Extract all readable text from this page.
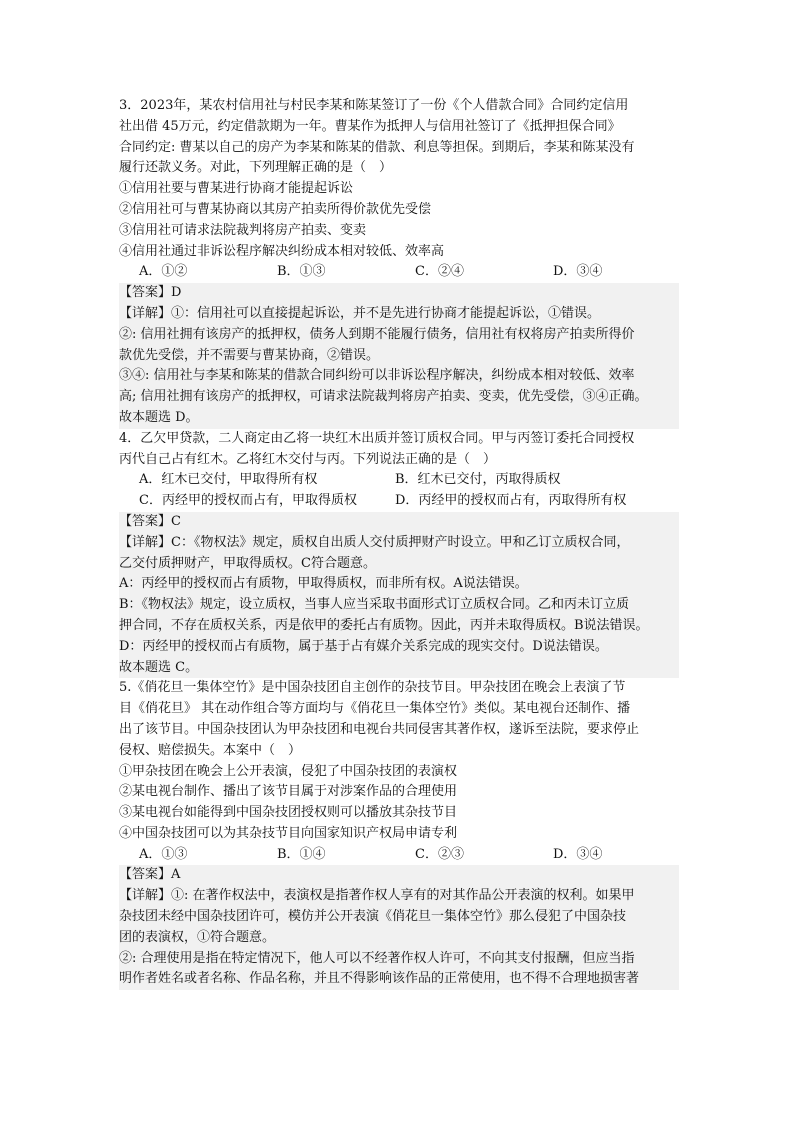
3．2023年，某农村信用社与村民李某和陈某签订了一份《个人借款合同》合同约定信用
社出借 45万元，约定借款期为一年。曹某作为抵押人与信用社签订了《抵押担保合同》
合同约定: 曹某以自己的房产为李某和陈某的借款、利息等担保。到期后，李某和陈某没有
履行还款义务。对此，下列理解正确的是（　）
①信用社要与曹某进行协商才能提起诉讼
②信用社可与曹某协商以其房产拍卖所得价款优先受偿
③信用社可请求法院裁判将房产拍卖、变卖
④信用社通过非诉讼程序解决纠纷成本相对较低、效率高
A．①②	B．①③	C．②④	D．③④
【答案】D
【详解】①：信用社可以直接提起诉讼，并不是先进行协商才能提起诉讼，①错误。
②: 信用社拥有该房产的抵押权，债务人到期不能履行债务，信用社有权将房产拍卖所得价
款优先受偿，并不需要与曹某协商，②错误。
③④: 信用社与李某和陈某的借款合同纠纷可以非诉讼程序解决，纠纷成本相对较低、效率
高; 信用社拥有该房产的抵押权，可请求法院裁判将房产拍卖、变卖，优先受偿，③④正确。
故本题选 D。
4．乙欠甲贷款，二人商定由乙将一块红木出质并签订质权合同。甲与丙签订委托合同授权
丙代自己占有红木。乙将红木交付与丙。下列说法正确的是（　）
A．红木已交付，甲取得所有权	B．红木已交付，丙取得质权
C．丙经甲的授权而占有，甲取得质权	D．丙经甲的授权而占有，丙取得所有权
【答案】C
【详解】C：《物权法》规定，质权自出质人交付质押财产时设立。甲和乙订立质权合同，
乙交付质押财产，甲取得质权。C符合题意。
A：丙经甲的授权而占有质物，甲取得质权，而非所有权。A说法错误。
B：《物权法》规定，设立质权，当事人应当采取书面形式订立质权合同。乙和丙未订立质
押合同，不存在质权关系，丙是依甲的委托占有质物。因此，丙并未取得质权。B说法错误。
D：丙经甲的授权而占有质物，属于基于占有媒介关系完成的现实交付。D说法错误。
故本题选 C。
5.《俏花旦一集体空竹》是中国杂技团自主创作的杂技节目。甲杂技团在晚会上表演了节
目《俏花旦》 其在动作组合等方面均与《俏花旦一集体空竹》类似。某电视台还制作、播
出了该节目。中国杂技团认为甲杂技团和电视台共同侵害其著作权，遂诉至法院，要求停止
侵权、赔偿损失。本案中（　）
①甲杂技团在晚会上公开表演，侵犯了中国杂技团的表演权
②某电视台制作、播出了该节目属于对涉案作品的合理使用
③某电视台如能得到中国杂技团授权则可以播放其杂技节目
④中国杂技团可以为其杂技节目向国家知识产权局申请专利
A．①③	B．①④	C．②③	D．③④
【答案】A
【详解】①: 在著作权法中，表演权是指著作权人享有的对其作品公开表演的权利。如果甲
杂技团未经中国杂技团许可，模仿并公开表演《俏花旦一集体空竹》那么侵犯了中国杂技
团的表演权，①符合题意。
②: 合理使用是指在特定情况下，他人可以不经著作权人许可，不向其支付报酬，但应当指
明作者姓名或者名称、作品名称，并且不得影响该作品的正常使用，也不得不合理地损害著
